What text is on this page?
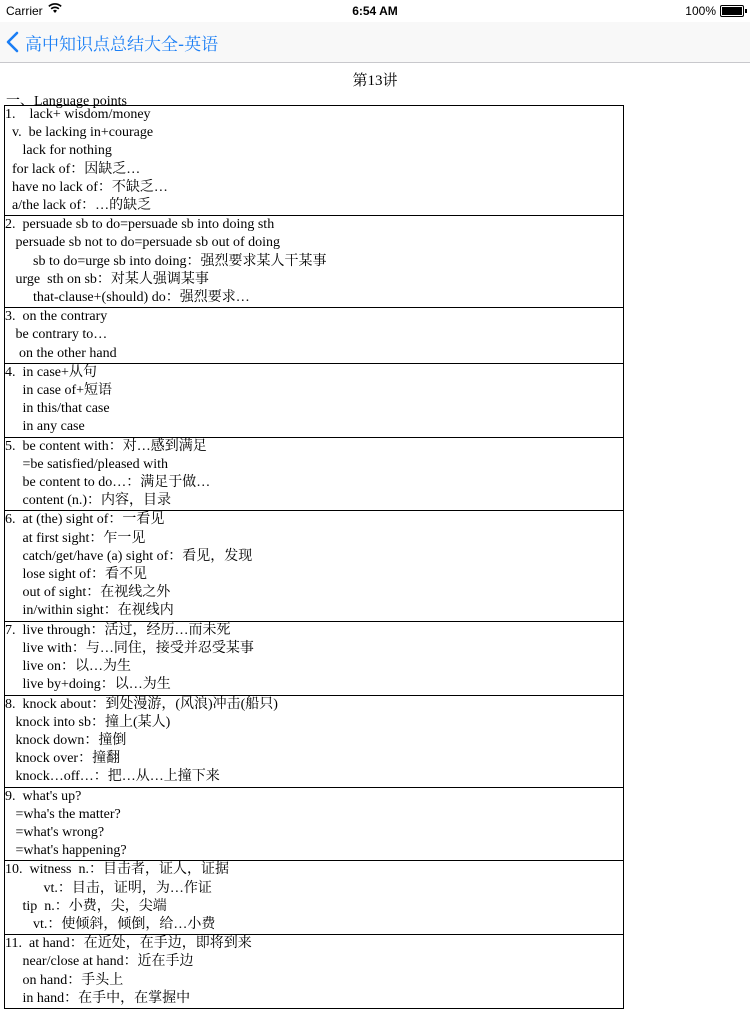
Carrier	6:54 AM	100%
高中知识点总结大全-英语
第13讲
一、Language points
1.    lack+ wisdom/money
v.  be lacking in+courage
lack for nothing
for lack of：因缺乏…
have no lack of：不缺乏…
a/the lack of：…的缺乏
2.  persuade sb to do=persuade sb into doing sth
persuade sb not to do=persuade sb out of doing
sb to do=urge sb into doing：强烈要求某人干某事
urge  sth on sb：对某人强调某事
that-clause+(should) do：强烈要求…
3.  on the contrary
be contrary to…
on the other hand
4.  in case+从句
in case of+短语
in this/that case
in any case
5.  be content with：对…感到满足
=be satisfied/pleased with
be content to do…：满足于做…
content (n.)：内容，目录
6.  at (the) sight of：一看见
at first sight：乍一见
catch/get/have (a) sight of：看见，发现
lose sight of：看不见
out of sight：在视线之外
in/within sight：在视线内
7.  live through：活过，经历…而未死
live with：与…同住，接受并忍受某事
live on：以…为生
live by+doing：以…为生
8.  knock about：到处漫游，(风浪)冲击(船只)
knock into sb：撞上(某人)
knock down：撞倒
knock over：撞翻
knock…off…：把…从…上撞下来
9.  what's up?
=wha's the matter?
=what's wrong?
=what's happening?
10.  witness  n.：目击者，证人，证据
vt.：目击，证明，为…作证
tip  n.：小费，尖，尖端
vt.：使倾斜，倾倒，给…小费
11.  at hand：在近处，在手边，即将到来
near/close at hand：近在手边
on hand：手头上
in hand：在手中，在掌握中
